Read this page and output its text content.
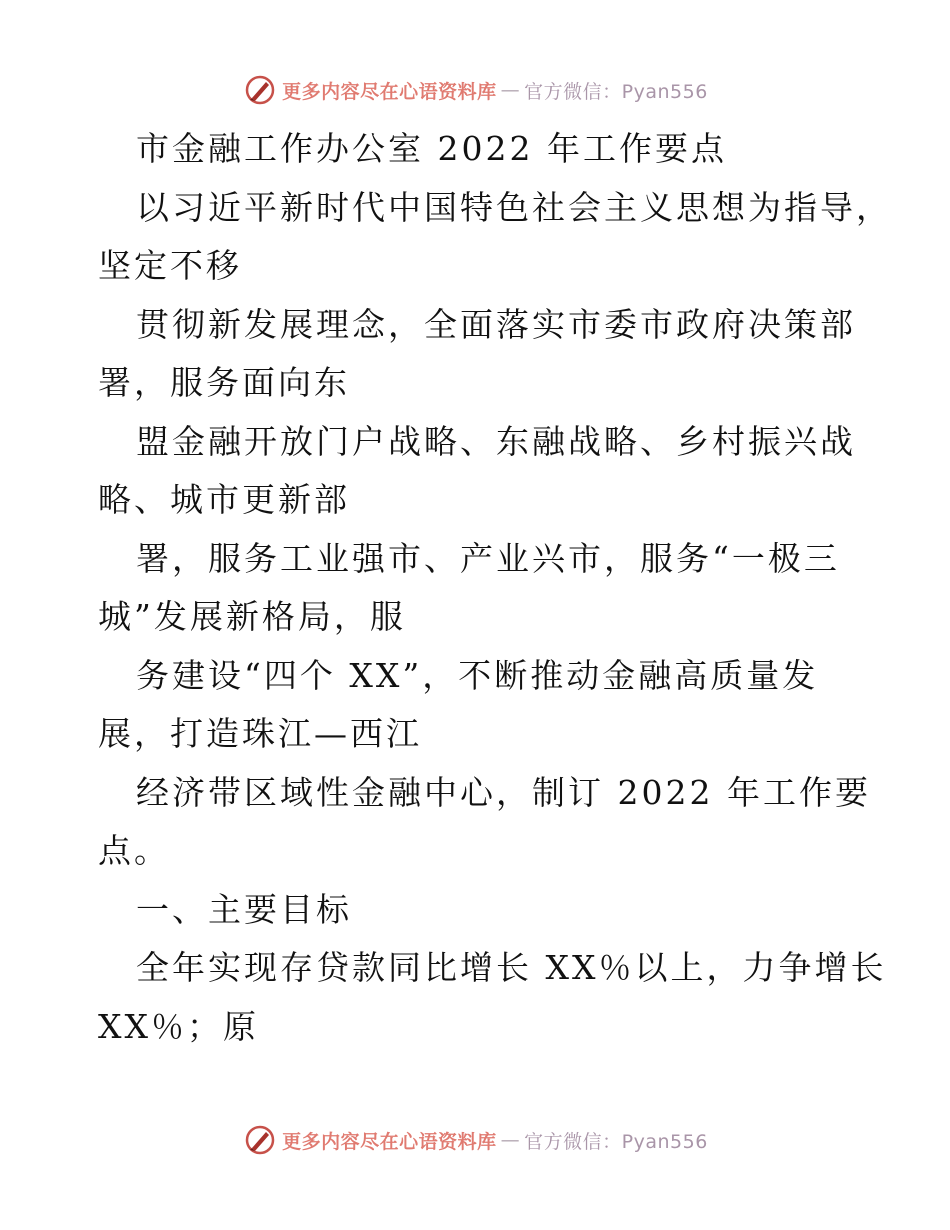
更多内容尽在心语资料库 — 官方微信：Pyan556
市金融工作办公室 2022 年工作要点
以习近平新时代中国特色社会主义思想为指导，
坚定不移
贯彻新发展理念，全面落实市委市政府决策部
署，服务面向东
盟金融开放门户战略、东融战略、乡村振兴战
略、城市更新部
署，服务工业强市、产业兴市，服务“一极三
城”发展新格局，服
务建设“四个 XX”，不断推动金融高质量发
展，打造珠江—西江
经济带区域性金融中心，制订 2022 年工作要
点。
一、主要目标
全年实现存贷款同比增长 XX％以上，力争增长
XX％；原
更多内容尽在心语资料库 — 官方微信：Pyan556
